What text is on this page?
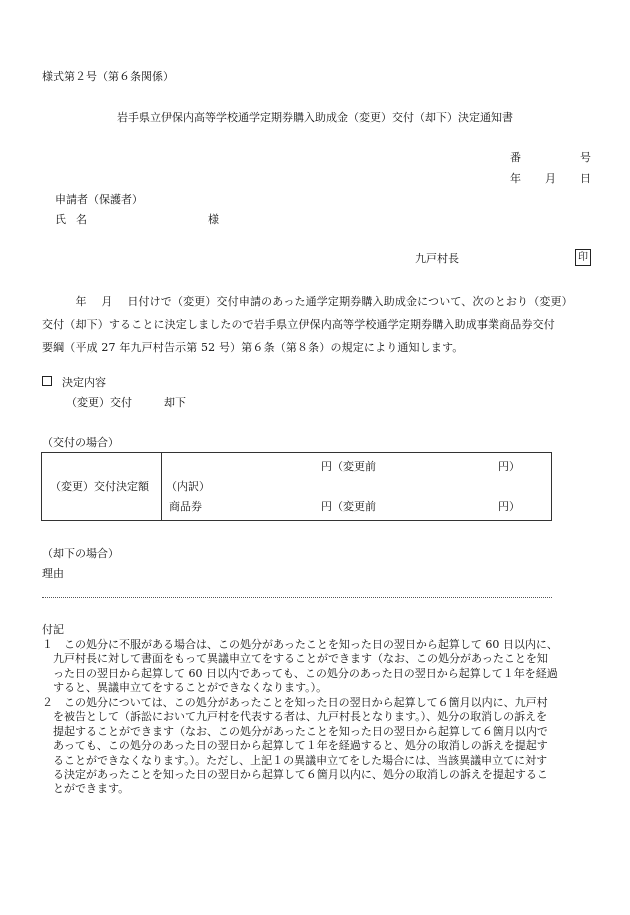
様式第２号（第６条関係）
岩手県立伊保内高等学校通学定期券購入助成金（変更）交付（却下）決定通知書
番	号
年 月 日
申請者（保護者）
氏名	様
九戸村長	印
　　　年　 月　 日付けで（変更）交付申請のあった通学定期券購入助成金について、次のとおり（変更）
交付（却下）することに決定しましたので岩手県立伊保内高等学校通学定期券購入助成事業商品券交付
要綱（平成 27 年九戸村告示第 52 号）第６条（第８条）の規定により通知します。
決定内容
（変更）交付	却下
（交付の場合）
（変更）交付決定額
円（変更前	円）
（内訳）
商品券	円（変更前	円）
（却下の場合）
理由
付記
１　この処分に不服がある場合は、この処分があったことを知った日の翌日から起算して 60 日以内に、
　九戸村長に対して書面をもって異議申立てをすることができます（なお、この処分があったことを知
　った日の翌日から起算して 60 日以内であっても、この処分のあった日の翌日から起算して１年を経過
　すると、異議申立てをすることができなくなります。）。
２　この処分については、この処分があったことを知った日の翌日から起算して６箇月以内に、九戸村
　を被告として（訴訟において九戸村を代表する者は、九戸村長となります。）、処分の取消しの訴えを
　提起することができます（なお、この処分があったことを知った日の翌日から起算して６箇月以内で
　あっても、この処分のあった日の翌日から起算して１年を経過すると、処分の取消しの訴えを提起す
　ることができなくなります。）。ただし、上記１の異議申立てをした場合には、当該異議申立てに対す
　る決定があったことを知った日の翌日から起算して６箇月以内に、処分の取消しの訴えを提起するこ
　とができます。
